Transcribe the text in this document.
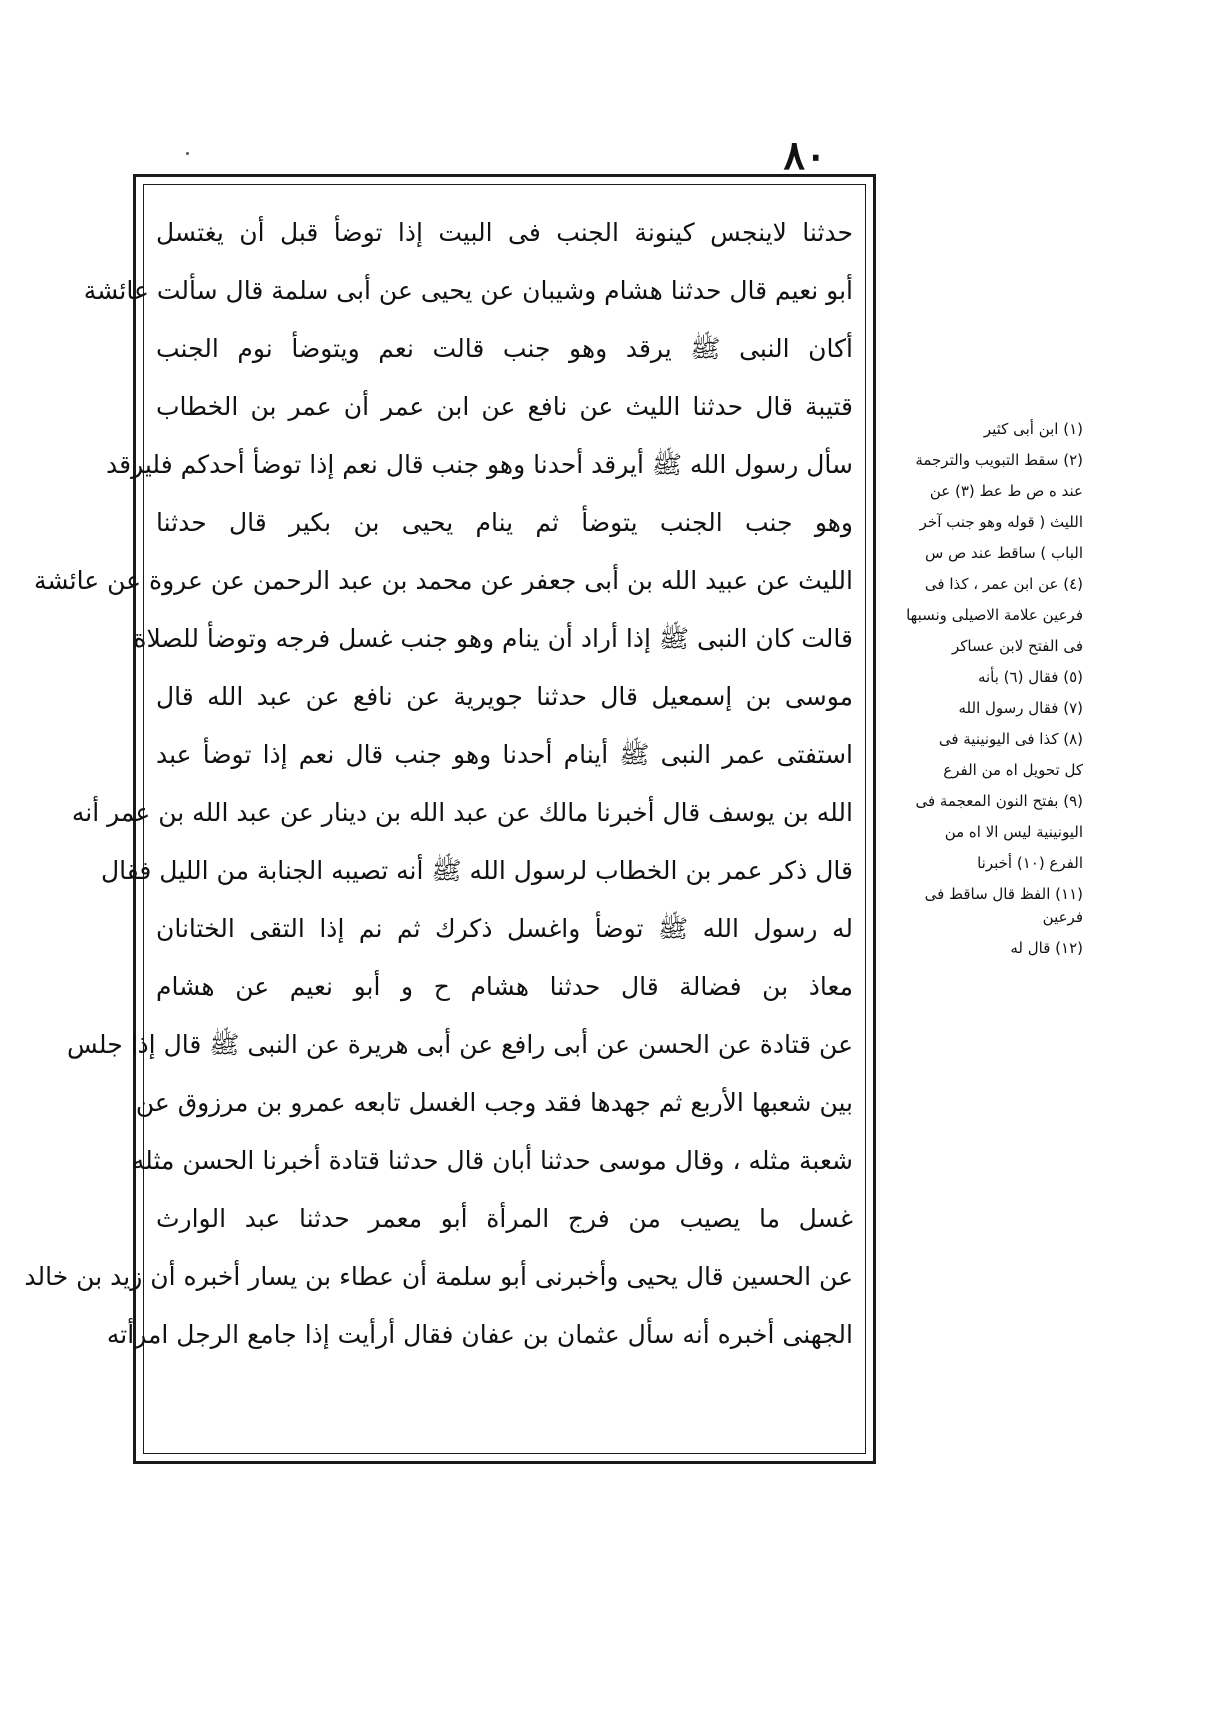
٨٠
حدثنا لاينجس كينونة الجنب فى البيت إذا توضأ قبل أن يغتسل
أبو نعيم قال حدثنا هشام وشيبان عن يحيى عن أبى سلمة قال سألت عائشة
أكان النبى ﷺ يرقد وهو جنب قالت نعم ويتوضأ نوم الجنب
قتيبة قال حدثنا الليث عن نافع عن ابن عمر أن عمر بن الخطاب
سأل رسول الله ﷺ أيرقد أحدنا وهو جنب قال نعم إذا توضأ أحدكم فليرقد
وهو جنب الجنب يتوضأ ثم ينام يحيى بن بكير قال حدثنا
الليث عن عبيد الله بن أبى جعفر عن محمد بن عبد الرحمن عن عروة عن عائشة
قالت كان النبى ﷺ إذا أراد أن ينام وهو جنب غسل فرجه وتوضأ للصلاة
موسى بن إسمعيل قال حدثنا جويرية عن نافع عن عبد الله قال
استفتى عمر النبى ﷺ أينام أحدنا وهو جنب قال نعم إذا توضأ عبد
الله بن يوسف قال أخبرنا مالك عن عبد الله بن دينار عن عبد الله بن عمر أنه
قال ذكر عمر بن الخطاب لرسول الله ﷺ أنه تصيبه الجنابة من الليل فقال
له رسول الله ﷺ توضأ واغسل ذكرك ثم نم إذا التقى الختانان
معاذ بن فضالة قال حدثنا هشام ح و أبو نعيم عن هشام
عن قتادة عن الحسن عن أبى رافع عن أبى هريرة عن النبى ﷺ قال إذا جلس
بين شعبها الأربع ثم جهدها فقد وجب الغسل تابعه عمرو بن مرزوق عن
شعبة مثله ، وقال موسى حدثنا أبان قال حدثنا قتادة أخبرنا الحسن مثله
غسل ما يصيب من فرج المرأة أبو معمر حدثنا عبد الوارث
عن الحسين قال يحيى وأخبرنى أبو سلمة أن عطاء بن يسار أخبره أن زيد بن خالد
الجهنى أخبره أنه سأل عثمان بن عفان فقال أرأيت إذا جامع الرجل امرأته
(١) ابن أبى كثير
(٢) سقط التبويب والترجمة
عند ه ص ط عط (٣) عن
الليث ( قوله وهو جنب آخر
الباب ) ساقط عند ص س
(٤) عن ابن عمر ، كذا فى
فرعين علامة الاصيلى ونسبها
فى الفتح لابن عساكر
(٥) فقال (٦) بأنه
(٧) فقال رسول الله
(٨) كذا فى اليونينية فى
كل تحويل اه من الفرع
(٩) بفتح النون المعجمة فى
اليونينية ليس الا اه من
الفرع (١٠) أخبرنا
(١١) الفظ قال ساقط فى فرعين
(١٢) قال له
